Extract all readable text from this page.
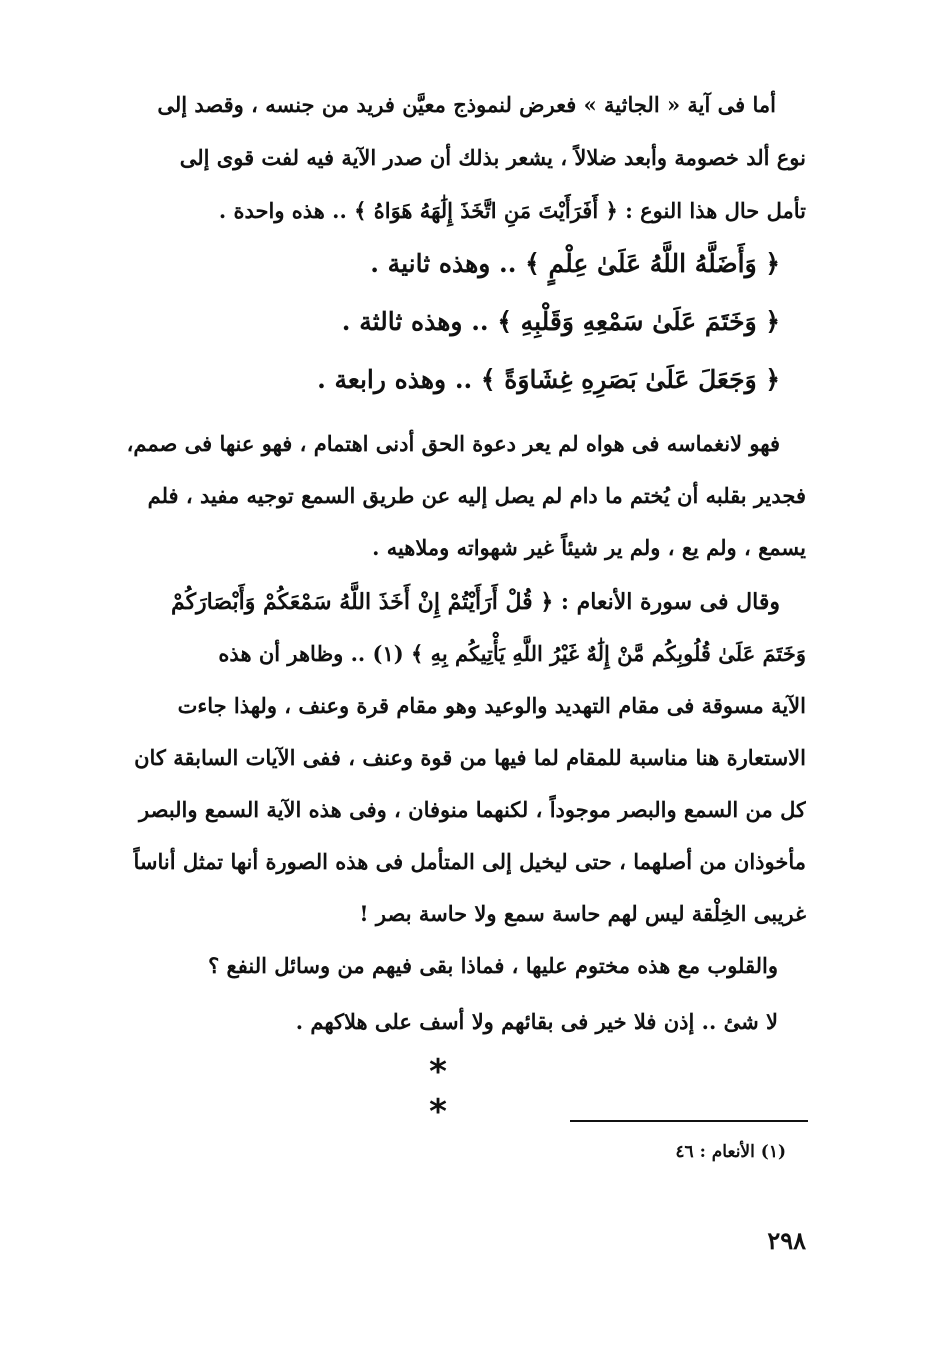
أما فى آية « الجاثية » فعرض لنموذج معيَّن فريد من جنسه ، وقصد إلى
نوع ألد خصومة وأبعد ضلالاً ، يشعر بذلك أن صدر الآية فيه لفت قوى إلى
تأمل حال هذا النوع : ﴿ أَفَرَأَيْتَ مَنِ اتَّخَذَ إِلَٰهَهُ هَوَاهُ ﴾ .. هذه واحدة .
﴿ وَأَضَلَّهُ اللَّهُ عَلَىٰ عِلْمٍ ﴾ .. وهذه ثانية .
﴿ وَخَتَمَ عَلَىٰ سَمْعِهِ وَقَلْبِهِ ﴾ .. وهذه ثالثة .
﴿ وَجَعَلَ عَلَىٰ بَصَرِهِ غِشَاوَةً ﴾ .. وهذه رابعة .
فهو لانغماسه فى هواه لم يعر دعوة الحق أدنى اهتمام ، فهو عنها فى صمم،
فجدير بقلبه أن يُختم ما دام لم يصل إليه عن طريق السمع توجيه مفيد ، فلم
يسمع ، ولم يع ، ولم ير شيئاً غير شهواته وملاهيه .
وقال فى سورة الأنعام : ﴿ قُلْ أَرَأَيْتُمْ إِنْ أَخَذَ اللَّهُ سَمْعَكُمْ وَأَبْصَارَكُمْ
وَخَتَمَ عَلَىٰ قُلُوبِكُم مَّنْ إِلَٰهٌ غَيْرُ اللَّهِ يَأْتِيكُم بِهِ ﴾ (١) .. وظاهر أن هذه
الآية مسوقة فى مقام التهديد والوعيد وهو مقام قرة وعنف ، ولهذا جاءت
الاستعارة هنا مناسبة للمقام لما فيها من قوة وعنف ، ففى الآيات السابقة كان
كل من السمع والبصر موجوداً ، لكنهما منوفان ، وفى هذه الآية السمع والبصر
مأخوذان من أصلهما ، حتى ليخيل إلى المتأمل فى هذه الصورة أنها تمثل أناساً
غريبى الخِلْقة ليس لهم حاسة سمع ولا حاسة بصر !
والقلوب مع هذه مختوم عليها ، فماذا بقى فيهم من وسائل النفع ؟
لا شئ .. إذن فلا خير فى بقائهم ولا أسف على هلاكهم .
* *
(١) الأنعام : ٤٦
٢٩٨
